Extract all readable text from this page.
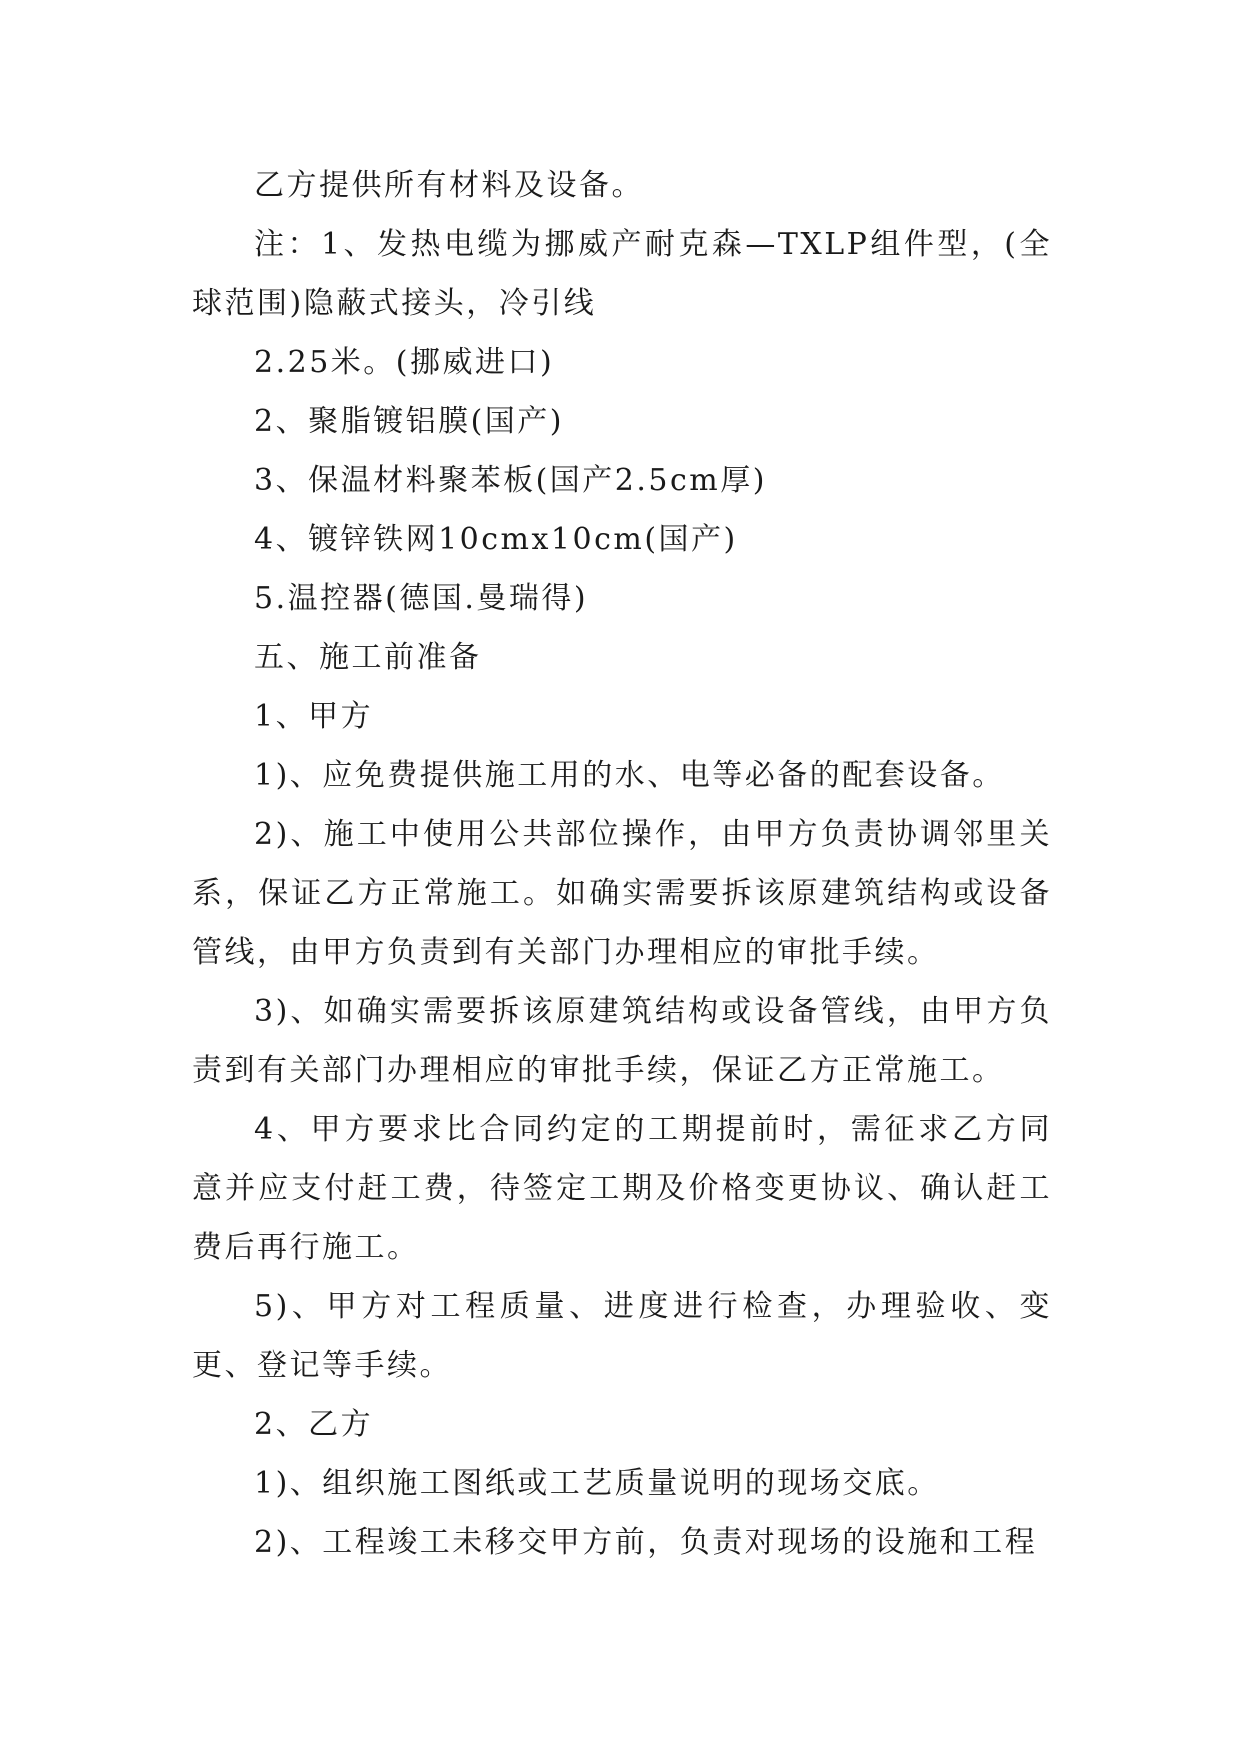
乙方提供所有材料及设备。

注：1、发热电缆为挪威产耐克森—TXLP组件型，(全球范围)隐蔽式接头，冷引线

2.25米。(挪威进口)

2、聚脂镀铝膜(国产)

3、保温材料聚苯板(国产2.5cm厚)

4、镀锌铁网10cmx10cm(国产)

5.温控器(德国.曼瑞得)

五、施工前准备

1、甲方

1)、应免费提供施工用的水、电等必备的配套设备。

2)、施工中使用公共部位操作，由甲方负责协调邻里关系，保证乙方正常施工。如确实需要拆该原建筑结构或设备管线，由甲方负责到有关部门办理相应的审批手续。

3)、如确实需要拆该原建筑结构或设备管线，由甲方负责到有关部门办理相应的审批手续，保证乙方正常施工。

4、甲方要求比合同约定的工期提前时，需征求乙方同意并应支付赶工费，待签定工期及价格变更协议、确认赶工费后再行施工。

5)、甲方对工程质量、进度进行检查，办理验收、变更、登记等手续。

2、乙方

1)、组织施工图纸或工艺质量说明的现场交底。

2)、工程竣工未移交甲方前，负责对现场的设施和工程
